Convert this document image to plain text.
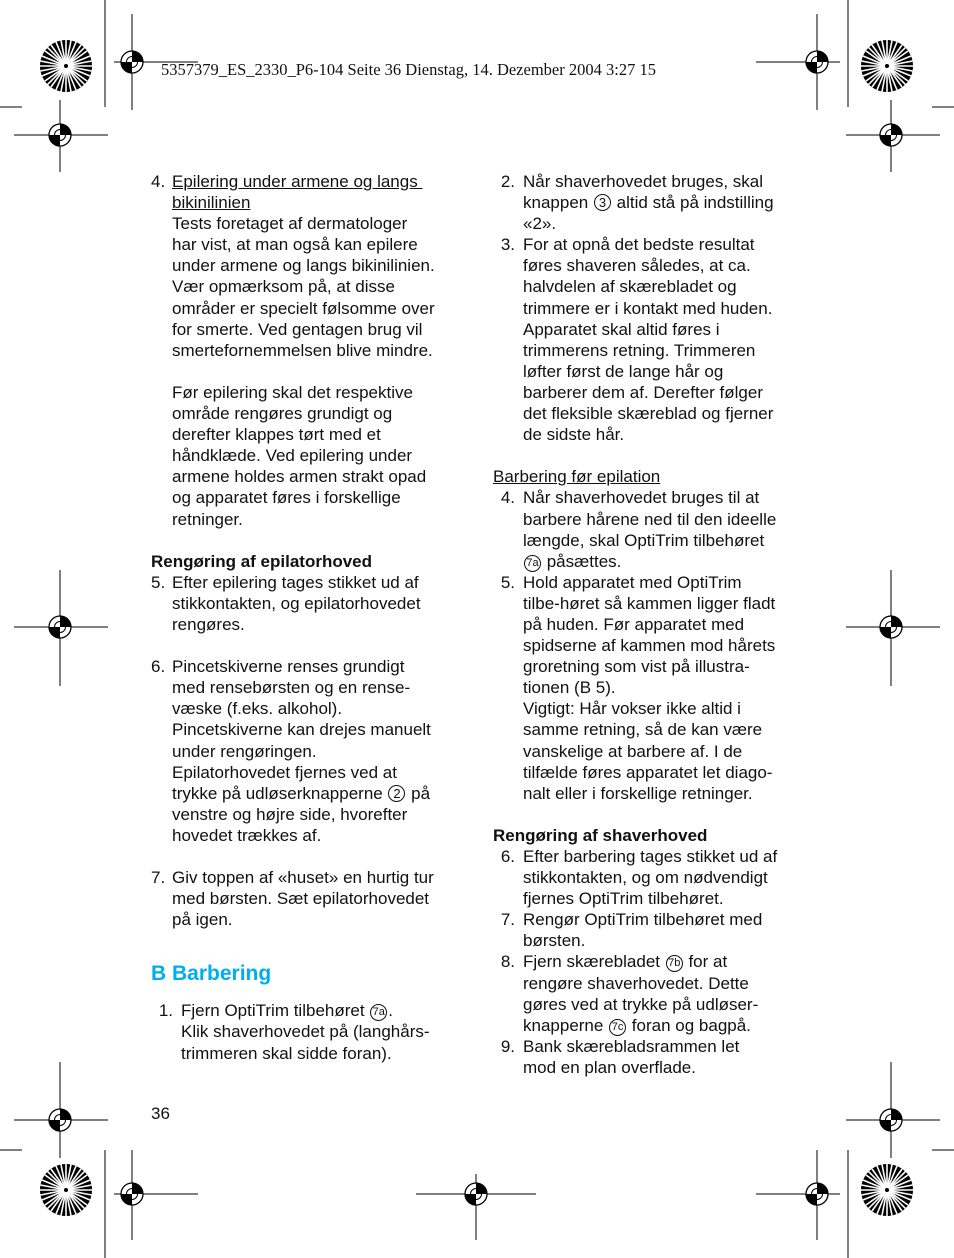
5357379_ES_2330_P6-104 Seite 36 Dienstag, 14. Dezember 2004 3:27 15
4. Epilering under armene og langs
bikinilinien
Tests foretaget af dermatologer
har vist, at man også kan epilere
under armene og langs bikinilinien.
Vær opmærksom på, at disse
områder er specielt følsomme over
for smerte. Ved gentagen brug vil
smertefornemmelsen blive mindre.
Før epilering skal det respektive
område rengøres grundigt og
derefter klappes tørt med et
håndklæde. Ved epilering under
armene holdes armen strakt opad
og apparatet føres i forskellige
retninger.
Rengøring af epilatorhoved
5. Efter epilering tages stikket ud af
stikkontakten, og epilatorhovedet
rengøres.
6. Pincetskiverne renses grundigt
med rensebørsten og en rense-
væske (f.eks. alkohol).
Pincetskiverne kan drejes manuelt
under rengøringen.
Epilatorhovedet fjernes ved at
trykke på udløserknapperne 2 på
venstre og højre side, hvorefter
hovedet trækkes af.
7. Giv toppen af «huset» en hurtig tur
med børsten. Sæt epilatorhovedet
på igen.
B Barbering
1. Fjern OptiTrim tilbehøret 7a .
Klik shaverhovedet på (langhårs-
trimmeren skal sidde foran).
2. Når shaverhovedet bruges, skal
knappen 3 altid stå på indstilling
«2».
3. For at opnå det bedste resultat
føres shaveren således, at ca.
halvdelen af skærebladet og
trimmere er i kontakt med huden.
Apparatet skal altid føres i
trimmerens retning. Trimmeren
løfter først de lange hår og
barberer dem af. Derefter følger
det fleksible skæreblad og fjerner
de sidste hår.
Barbering før epilation
4. Når shaverhovedet bruges til at
barbere hårene ned til den ideelle
længde, skal OptiTrim tilbehøret
7a påsættes.
5. Hold apparatet med OptiTrim
tilbe-høret så kammen ligger fladt
på huden. Før apparatet med
spidserne af kammen mod hårets
groretning som vist på illustra-
tionen (B 5).
Vigtigt: Hår vokser ikke altid i
samme retning, så de kan være
vanskelige at barbere af. I de
tilfælde føres apparatet let diago-
nalt eller i forskellige retninger.
Rengøring af shaverhoved
6. Efter barbering tages stikket ud af
stikkontakten, og om nødvendigt
fjernes OptiTrim tilbehøret.
7. Rengør OptiTrim tilbehøret med
børsten.
8. Fjern skærebladet 7b for at
rengøre shaverhovedet. Dette
gøres ved at trykke på udløser-
knapperne 7c foran og bagpå.
9. Bank skærebladsrammen let
mod en plan overflade.
36
